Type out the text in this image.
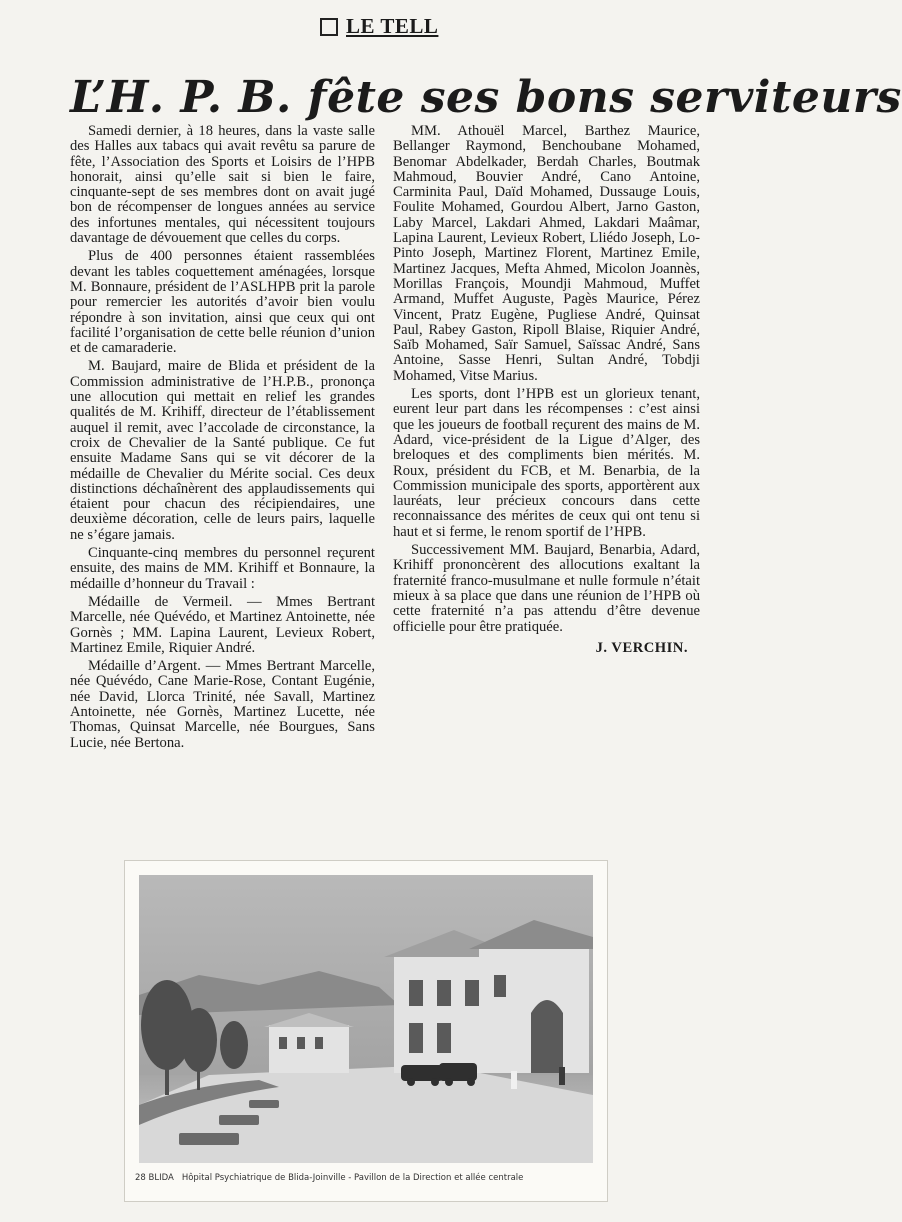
LE TELL
L’H. P. B. fête ses bons serviteurs

Samedi dernier, à 18 heures, dans la vaste salle des Halles aux tabacs qui avait revêtu sa parure de fête, l’Association des Sports et Loisirs de l’HPB honorait, ainsi qu’elle sait si bien le faire, cinquante-sept de ses membres dont on avait jugé bon de récompenser de longues années au service des infortunes mentales, qui nécessitent toujours davantage de dévouement que celles du corps.

Plus de 400 personnes étaient rassemblées devant les tables coquettement aménagées, lorsque M. Bonnaure, président de l’ASLHPB prit la parole pour remercier les autorités d’avoir bien voulu répondre à son invitation, ainsi que ceux qui ont facilité l’organisation de cette belle réunion d’union et de camaraderie.

M. Baujard, maire de Blida et président de la Commission administrative de l’H.P.B., prononça une allocution qui mettait en relief les grandes qualités de M. Krihiff, directeur de l’établissement auquel il remit, avec l’accolade de circonstance, la croix de Chevalier de la Santé publique. Ce fut ensuite Madame Sans qui se vit décorer de la médaille de Chevalier du Mérite social. Ces deux distinctions déchaînèrent des applaudissements qui étaient pour chacun des récipiendaires, une deuxième décoration, celle de leurs pairs, laquelle ne s’égare jamais.

Cinquante-cinq membres du personnel reçurent ensuite, des mains de MM. Krihiff et Bonnaure, la médaille d’honneur du Travail :

Médaille de Vermeil. — Mmes Bertrant Marcelle, née Quévédo, et Martinez Antoinette, née Gornès ; MM. Lapina Laurent, Levieux Robert, Martinez Emile, Riquier André.

Médaille d’Argent. — Mmes Bertrant Marcelle, née Quévédo, Cane Marie-Rose, Contant Eugénie, née David, Llorca Trinité, née Savall, Martinez Antoinette, née Gornès, Martinez Lucette, née Thomas, Quinsat Marcelle, née Bourgues, Sans Lucie, née Bertona.

MM. Athouël Marcel, Barthez Maurice, Bellanger Raymond, Benchoubane Mohamed, Benomar Abdelkader, Berdah Charles, Boutmak Mahmoud, Bouvier André, Cano Antoine, Carminita Paul, Daïd Mohamed, Dussauge Louis, Foulite Mohamed, Gourdou Albert, Jarno Gaston, Laby Marcel, Lakdari Ahmed, Lakdari Maâmar, Lapina Laurent, Levieux Robert, Lliédo Joseph, Lo-Pinto Joseph, Martinez Florent, Martinez Emile, Martinez Jacques, Mefta Ahmed, Micolon Joannès, Morillas François, Moundji Mahmoud, Muffet Armand, Muffet Auguste, Pagès Maurice, Pérez Vincent, Pratz Eugène, Pugliese André, Quinsat Paul, Rabey Gaston, Ripoll Blaise, Riquier André, Saïb Mohamed, Saïr Samuel, Saïssac André, Sans Antoine, Sasse Henri, Sultan André, Tobdji Mohamed, Vitse Marius.

Les sports, dont l’HPB est un glorieux tenant, eurent leur part dans les récompenses : c’est ainsi que les joueurs de football reçurent des mains de M. Adard, vice-président de la Ligue d’Alger, des breloques et des compliments bien mérités. M. Roux, président du FCB, et M. Benarbia, de la Commission municipale des sports, apportèrent aux lauréats, leur précieux concours dans cette reconnaissance des mérites de ceux qui ont tenu si haut et si ferme, le renom sportif de l’HPB.

Successivement MM. Baujard, Benarbia, Adard, Krihiff prononcèrent des allocutions exaltant la fraternité franco-musulmane et nulle formule n’était mieux à sa place que dans une réunion de l’HPB où cette fraternité n’a pas attendu d’être devenue officielle pour être pratiquée.

J. VERCHIN.

28 BLIDA Hôpital Psychiatrique de Blida-Joinville - Pavillon de la Direction et allée centrale
